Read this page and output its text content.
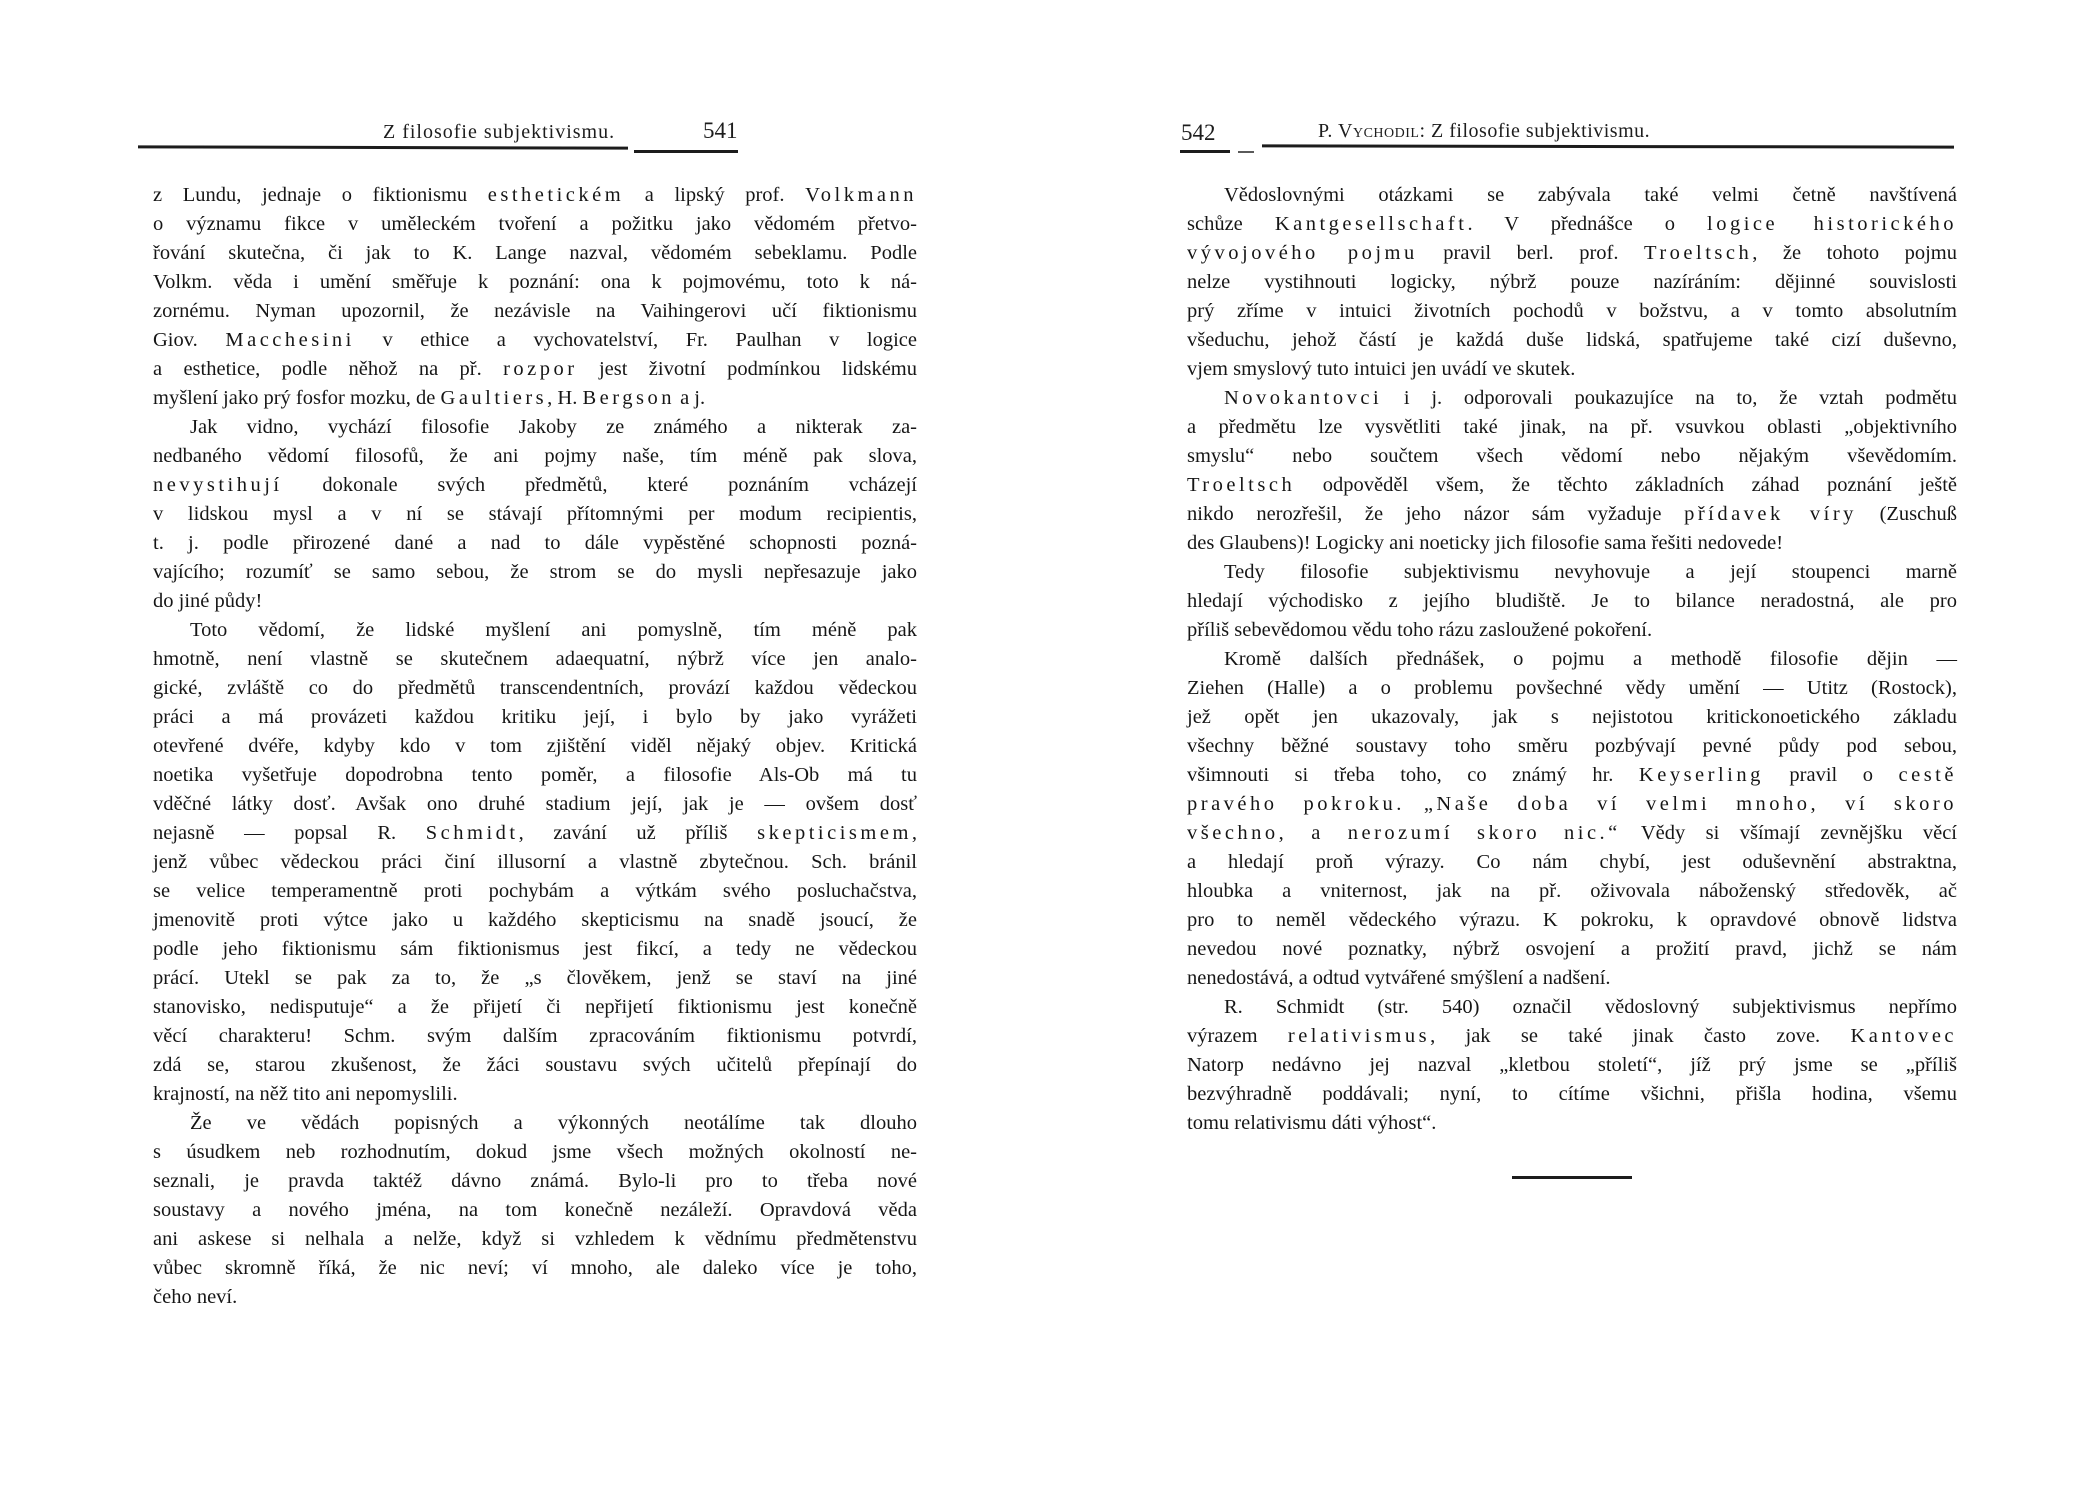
Z filosofie subjektivismu.	541	542	P. Vychodil: Z filosofie subjektivismu.
z Lundu, jednaje o fiktionismu esthetickém a lipský prof. Volkmann
o významu fikce v uměleckém tvoření a požitku jako vědomém přetvo-
řování skutečna, či jak to K. Lange nazval, vědomém sebeklamu. Podle
Volkm. věda i umění směřuje k poznání: ona k pojmovému, toto k ná-
zornému. Nyman upozornil, že nezávisle na Vaihingerovi učí fiktionismu
Giov. Macchesini v ethice a vychovatelství, Fr. Paulhan v logice
a esthetice, podle něhož na př. rozpor jest životní podmínkou lidskému
myšlení jako prý fosfor mozku, de Gaultiers, H. Bergson a j.
Jak vidno, vychází filosofie Jakoby ze známého a nikterak za-
nedbaného vědomí filosofů, že ani pojmy naše, tím méně pak slova,
nevystihují dokonale svých předmětů, které poznáním vcházejí
v lidskou mysl a v ní se stávají přítomnými per modum recipientis,
t. j. podle přirozené dané a nad to dále vypěstěné schopnosti pozná-
vajícího; rozumíť se samo sebou, že strom se do mysli nepřesazuje jako
do jiné půdy!
Toto vědomí, že lidské myšlení ani pomyslně, tím méně pak
hmotně, není vlastně se skutečnem adaequatní, nýbrž více jen analo-
gické, zvláště co do předmětů transcendentních, provází každou vědeckou
práci a má provázeti každou kritiku její, i bylo by jako vyrážeti
otevřené dvéře, kdyby kdo v tom zjištění viděl nějaký objev. Kritická
noetika vyšetřuje dopodrobna tento poměr, a filosofie Als-Ob má tu
vděčné látky dosť. Avšak ono druhé stadium její, jak je — ovšem dosť
nejasně — popsal R. Schmidt, zavání už příliš skepticismem,
jenž vůbec vědeckou práci činí illusorní a vlastně zbytečnou. Sch. bránil
se velice temperamentně proti pochybám a výtkám svého posluchačstva,
jmenovitě proti výtce jako u každého skepticismu na snadě jsoucí, že
podle jeho fiktionismu sám fiktionismus jest fikcí, a tedy ne vědeckou
prácí. Utekl se pak za to, že „s člověkem, jenž se staví na jiné
stanovisko, nedisputuje“ a že přijetí či nepřijetí fiktionismu jest konečně
věcí charakteru! Schm. svým dalším zpracováním fiktionismu potvrdí,
zdá se, starou zkušenost, že žáci soustavu svých učitelů přepínají do
krajností, na něž tito ani nepomyslili.
Že ve vědách popisných a výkonných neotálíme tak dlouho
s úsudkem neb rozhodnutím, dokud jsme všech možných okolností ne-
seznali, je pravda taktéž dávno známá. Bylo-li pro to třeba nové
soustavy a nového jména, na tom konečně nezáleží. Opravdová věda
ani askese si nelhala a nelže, když si vzhledem k vědnímu předmětenstvu
vůbec skromně říká, že nic neví; ví mnoho, ale daleko více je toho,
čeho neví.
Vědoslovnými otázkami se zabývala také velmi četně navštívená
schůze Kantgesellschaft. V přednášce o logice historického
vývojového pojmu pravil berl. prof. Troeltsch, že tohoto pojmu
nelze vystihnouti logicky, nýbrž pouze nazíráním: dějinné souvislosti
prý zříme v intuici životních pochodů v božstvu, a v tomto absolutním
všeduchu, jehož částí je každá duše lidská, spatřujeme také cizí duševno,
vjem smyslový tuto intuici jen uvádí ve skutek.
Novokantovci i j. odporovali poukazujíce na to, že vztah podmětu
a předmětu lze vysvětliti také jinak, na př. vsuvkou oblasti „objektivního
smyslu“ nebo součtem všech vědomí nebo nějakým vševědomím.
Troeltsch odpověděl všem, že těchto základních záhad poznání ještě
nikdo nerozřešil, že jeho názor sám vyžaduje přídavek víry (Zuschuß
des Glaubens)! Logicky ani noeticky jich filosofie sama řešiti nedovede!
Tedy filosofie subjektivismu nevyhovuje a její stoupenci marně
hledají východisko z jejího bludiště. Je to bilance neradostná, ale pro
příliš sebevědomou vědu toho rázu zasloužené pokoření.
Kromě dalších přednášek, o pojmu a methodě filosofie dějin —
Ziehen (Halle) a o problemu povšechné vědy umění — Utitz (Rostock),
jež opět jen ukazovaly, jak s nejistotou kritickonoetického základu
všechny běžné soustavy toho směru pozbývají pevné půdy pod sebou,
všimnouti si třeba toho, co známý hr. Keyserling pravil o cestě
pravého pokroku. „Naše doba ví velmi mnoho, ví skoro
všechno, a nerozumí skoro nic.“ Vědy si všímají zevnějšku věcí
a hledají proň výrazy. Co nám chybí, jest oduševnění abstraktna,
hloubka a vniternost, jak na př. oživovala náboženský středověk, ač
pro to neměl vědeckého výrazu. K pokroku, k opravdové obnově lidstva
nevedou nové poznatky, nýbrž osvojení a prožití pravd, jichž se nám
nenedostává, a odtud vytvářené smýšlení a nadšení.
R. Schmidt (str. 540) označil vědoslovný subjektivismus nepřímo
výrazem relativismus, jak se také jinak často zove. Kantovec
Natorp nedávno jej nazval „kletbou století“, jíž prý jsme se „příliš
bezvýhradně poddávali; nyní, to cítíme všichni, přišla hodina, všemu
tomu relativismu dáti výhost“.
